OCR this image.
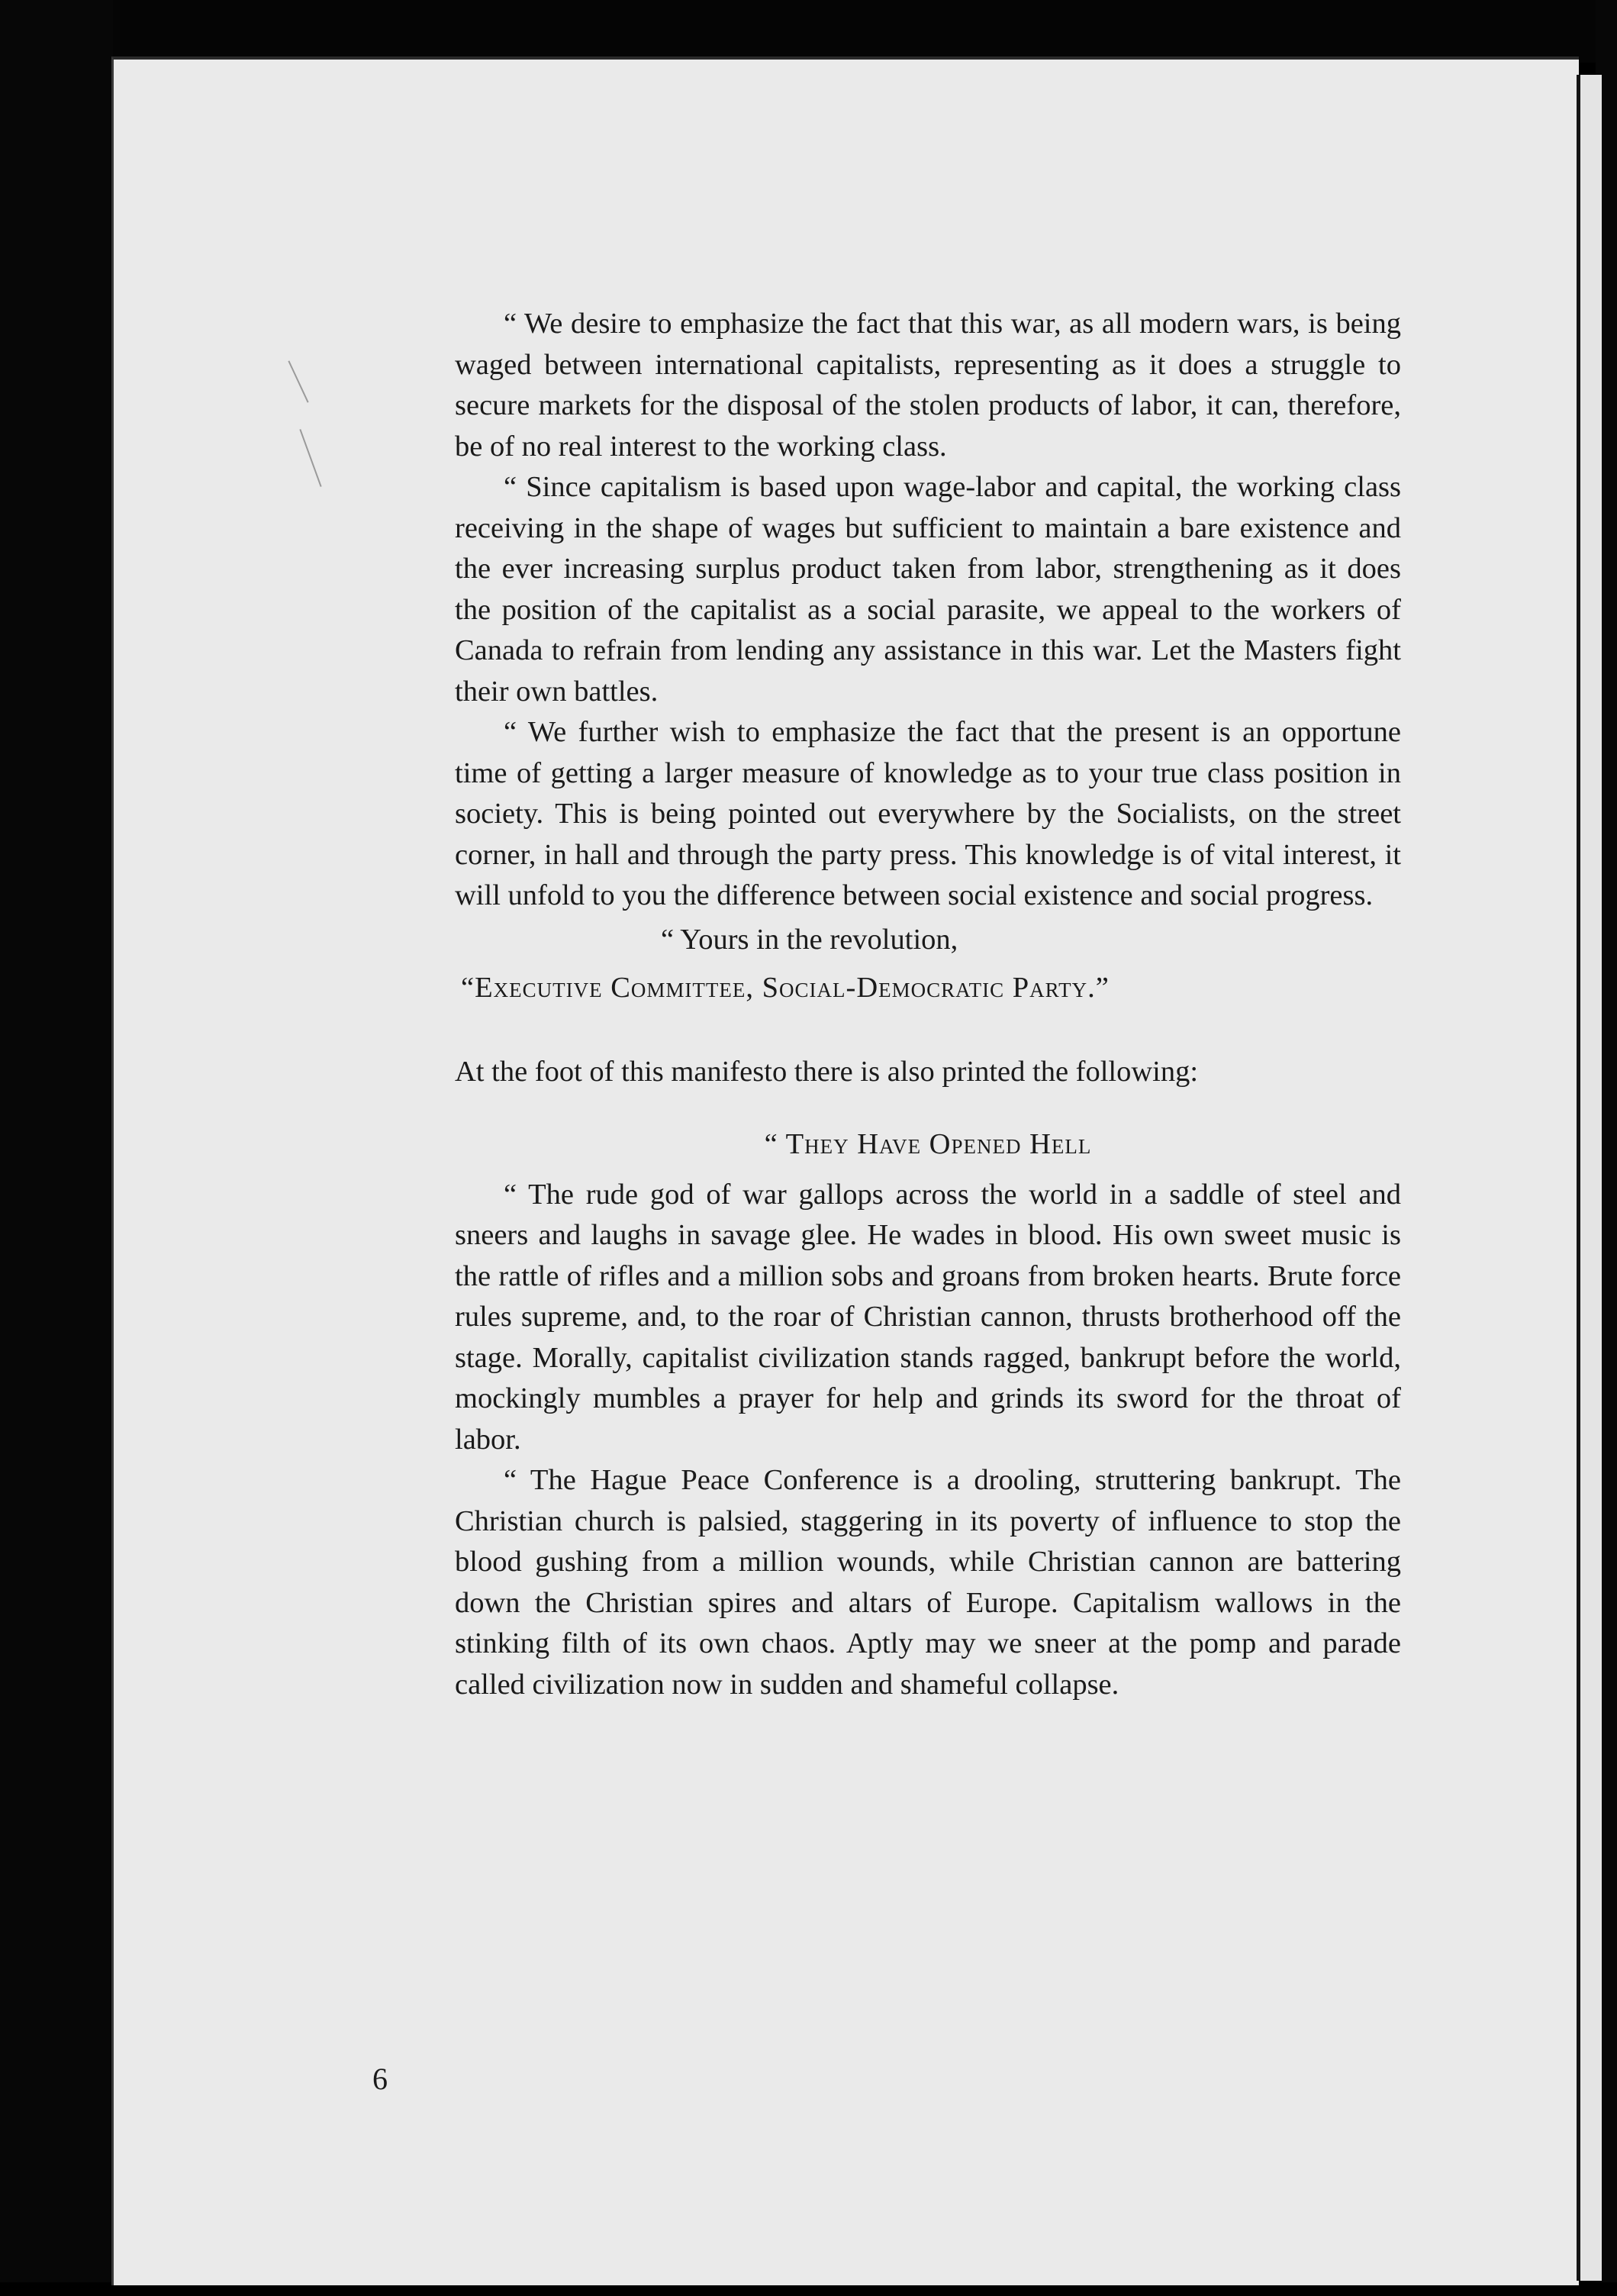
“ We desire to emphasize the fact that this war, as all modern wars, is being waged between international capitalists, representing as it does a struggle to secure markets for the disposal of the stolen products of labor, it can, therefore, be of no real interest to the working class.

“ Since capitalism is based upon wage-labor and capital, the working class receiving in the shape of wages but sufficient to maintain a bare existence and the ever increasing surplus product taken from labor, strengthening as it does the position of the capitalist as a social parasite, we appeal to the workers of Canada to refrain from lending any assistance in this war. Let the Masters fight their own battles.

“ We further wish to emphasize the fact that the present is an opportune time of getting a larger measure of knowledge as to your true class position in society. This is being pointed out everywhere by the Socialists, on the street corner, in hall and through the party press. This knowledge is of vital interest, it will unfold to you the difference between social existence and social progress.

“ Yours in the revolution,

“Executive Committee, Social-Democratic Party.”

At the foot of this manifesto there is also printed the following:

“ They Have Opened Hell

“ The rude god of war gallops across the world in a saddle of steel and sneers and laughs in savage glee. He wades in blood. His own sweet music is the rattle of rifles and a million sobs and groans from broken hearts. Brute force rules supreme, and, to the roar of Christian cannon, thrusts brotherhood off the stage. Morally, capitalist civilization stands ragged, bankrupt before the world, mockingly mumbles a prayer for help and grinds its sword for the throat of labor.

“ The Hague Peace Conference is a drooling, struttering bankrupt. The Christian church is palsied, staggering in its poverty of influence to stop the blood gushing from a million wounds, while Christian cannon are battering down the Christian spires and altars of Europe. Capitalism wallows in the stinking filth of its own chaos. Aptly may we sneer at the pomp and parade called civilization now in sudden and shameful collapse.

6
